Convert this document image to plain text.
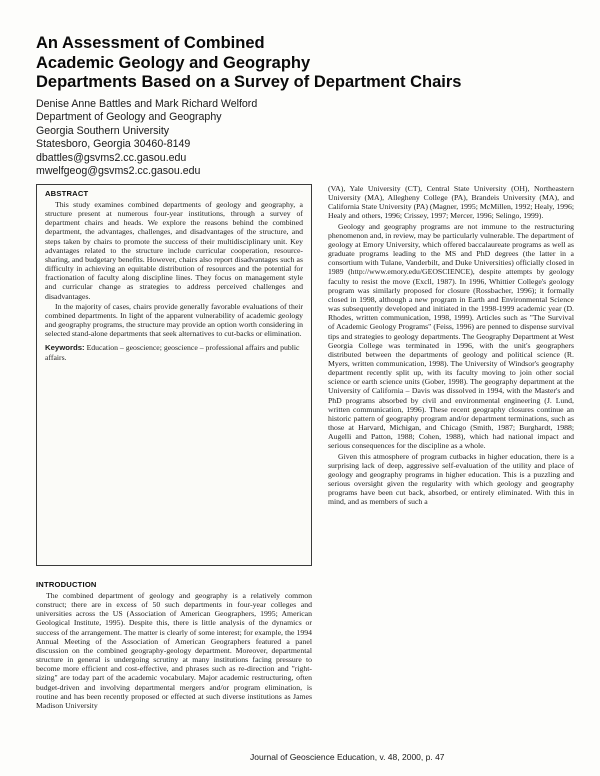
An Assessment of Combined
Academic Geology and Geography
Departments Based on a Survey of Department Chairs
Denise Anne Battles and Mark Richard Welford
Department of Geology and Geography
Georgia Southern University
Statesboro, Georgia 30460-8149
dbattles@gsvms2.cc.gasou.edu
mwelfgeog@gsvms2.cc.gasou.edu
ABSTRACT

This study examines combined departments of geology and geography, a structure present at numerous four-year institutions, through a survey of department chairs and heads. We explore the reasons behind the combined department, the advantages, challenges, and disadvantages of the structure, and steps taken by chairs to promote the success of their multidisciplinary unit. Key advantages related to the structure include curricular cooperation, resource-sharing, and budgetary benefits. However, chairs also report disadvantages such as difficulty in achieving an equitable distribution of resources and the potential for fractionation of faculty along discipline lines. They focus on management style and curricular change as strategies to address perceived challenges and disadvantages.

In the majority of cases, chairs provide generally favorable evaluations of their combined departments. In light of the apparent vulnerability of academic geology and geography programs, the structure may provide an option worth considering in selected stand-alone departments that seek alternatives to cut-backs or elimination.

Keywords: Education – geoscience; geoscience – professional affairs and public affairs.
INTRODUCTION

The combined department of geology and geography is a relatively common construct; there are in excess of 50 such departments in four-year colleges and universities across the US (Association of American Geographers, 1995; American Geological Institute, 1995). Despite this, there is little analysis of the dynamics or success of the arrangement. The matter is clearly of some interest; for example, the 1994 Annual Meeting of the Association of American Geographers featured a panel discussion on the combined geography-geology department. Moreover, departmental structure in general is undergoing scrutiny at many institutions facing pressure to become more efficient and cost-effective, and phrases such as re-direction and "right-sizing" are today part of the academic vocabulary. Major academic restructuring, often budget-driven and involving departmental mergers and/or program elimination, is routine and has been recently proposed or effected at such diverse institutions as James Madison University

(VA), Yale University (CT), Central State University (OH), Northeastern University (MA), Allegheny College (PA), Brandeis University (MA), and California State University (PA) (Magner, 1995; McMillen, 1992; Healy, 1996; Healy and others, 1996; Crissey, 1997; Mercer, 1996; Selingo, 1999).

Geology and geography programs are not immune to the restructuring phenomenon and, in review, may be particularly vulnerable. The department of geology at Emory University, which offered baccalaureate programs as well as graduate programs leading to the MS and PhD degrees (the latter in a consortium with Tulane, Vanderbilt, and Duke Universities) officially closed in 1989 (http://www.emory.edu/GEOSCIENCE), despite attempts by geology faculty to resist the move (Excll, 1987). In 1996, Whittier College's geology program was similarly proposed for closure (Rossbacher, 1996); it formally closed in 1998, although a new program in Earth and Environmental Science was subsequently developed and initiated in the 1998-1999 academic year (D. Rhodes, written communication, 1998, 1999). Articles such as "The Survival of Academic Geology Programs" (Feiss, 1996) are penned to dispense survival tips and strategies to geology departments. The Geography Department at West Georgia College was terminated in 1996, with the unit's geographers distributed between the departments of geology and political science (R. Myers, written communication, 1998). The University of Windsor's geography department recently split up, with its faculty moving to join other social science or earth science units (Gober, 1998). The geography department at the University of California – Davis was dissolved in 1994, with the Master's and PhD programs absorbed by civil and environmental engineering (J. Lund, written communication, 1996). These recent geography closures continue an historic pattern of geography program and/or department terminations, such as those at Harvard, Michigan, and Chicago (Smith, 1987; Burghardt, 1988; Augelli and Patton, 1988; Cohen, 1988), which had national impact and serious consequences for the discipline as a whole.

Given this atmosphere of program cutbacks in higher education, there is a surprising lack of deep, aggressive self-evaluation of the utility and place of geology and geography programs in higher education. This is a puzzling and serious oversight given the regularity with which geology and geography programs have been cut back, absorbed, or entirely eliminated. With this in mind, and as members of such a

Journal of Geoscience Education, v. 48, 2000, p. 47
